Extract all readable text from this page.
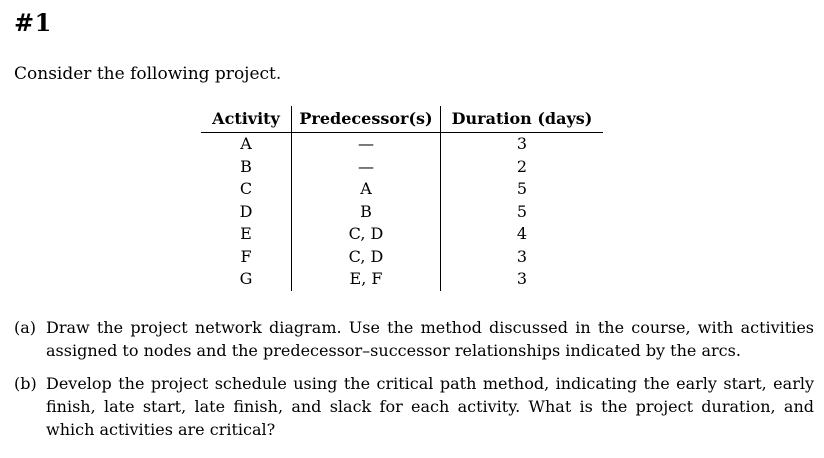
#1
Consider the following project.
Activity	Predecessor(s)	Duration (days)
A	—	3
B	—	2
C	A	5
D	B	5
E	C, D	4
F	C, D	3
G	E, F	3
(a) Draw the project network diagram. Use the method discussed in the course, with activities assigned to nodes and the predecessor–successor relationships indicated by the arcs.
(b) Develop the project schedule using the critical path method, indicating the early start, early finish, late start, late finish, and slack for each activity. What is the project duration, and which activities are critical?
